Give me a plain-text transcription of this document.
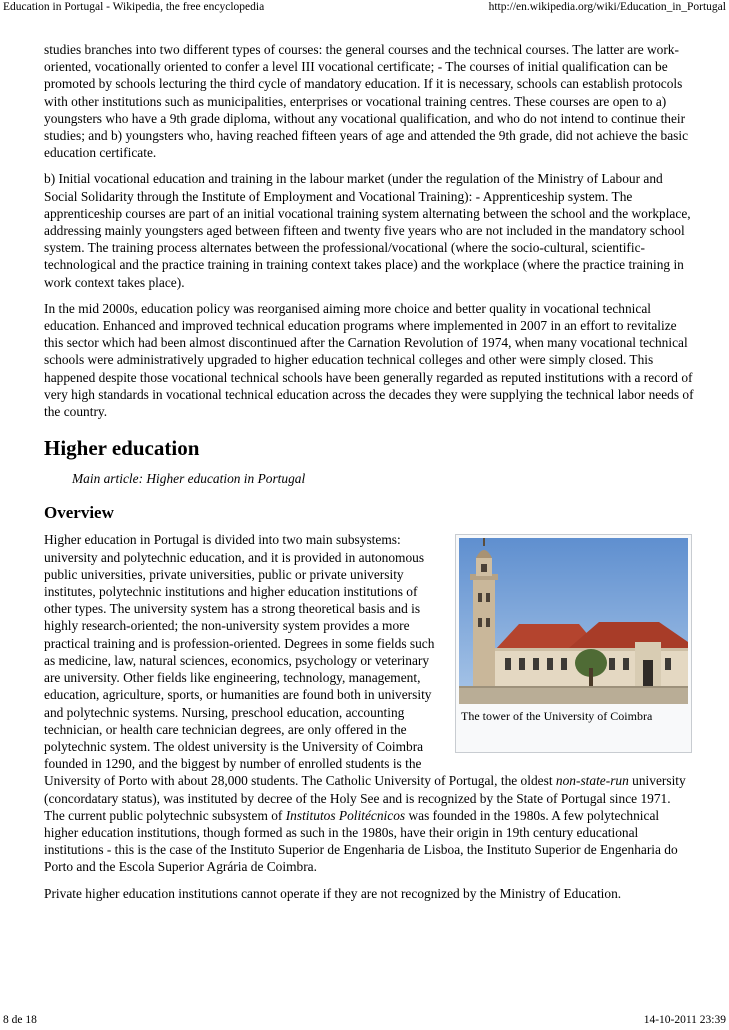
Education in Portugal - Wikipedia, the free encyclopedia	http://en.wikipedia.org/wiki/Education_in_Portugal

studies branches into two different types of courses: the general courses and the technical courses. The latter are work-oriented, vocationally oriented to confer a level III vocational certificate; - The courses of initial qualification can be promoted by schools lecturing the third cycle of mandatory education. If it is necessary, schools can establish protocols with other institutions such as municipalities, enterprises or vocational training centres. These courses are open to a) youngsters who have a 9th grade diploma, without any vocational qualification, and who do not intend to continue their studies; and b) youngsters who, having reached fifteen years of age and attended the 9th grade, did not achieve the basic education certificate.

b) Initial vocational education and training in the labour market (under the regulation of the Ministry of Labour and Social Solidarity through the Institute of Employment and Vocational Training): - Apprenticeship system. The apprenticeship courses are part of an initial vocational training system alternating between the school and the workplace, addressing mainly youngsters aged between fifteen and twenty five years who are not included in the mandatory school system. The training process alternates between the professional/vocational (where the socio-cultural, scientific-technological and the practice training in training context takes place) and the workplace (where the practice training in work context takes place).

In the mid 2000s, education policy was reorganised aiming more choice and better quality in vocational technical education. Enhanced and improved technical education programs where implemented in 2007 in an effort to revitalize this sector which had been almost discontinued after the Carnation Revolution of 1974, when many vocational technical schools were administratively upgraded to higher education technical colleges and other were simply closed. This happened despite those vocational technical schools have been generally regarded as reputed institutions with a record of very high standards in vocational technical education across the decades they were supplying the technical labor needs of the country.

Higher education
Main article: Higher education in Portugal
Overview

The tower of the University of Coimbra
Higher education in Portugal is divided into two main subsystems: university and polytechnic education, and it is provided in autonomous public universities, private universities, public or private university institutes, polytechnic institutions and higher education institutions of other types. The university system has a strong theoretical basis and is highly research-oriented; the non-university system provides a more practical training and is profession-oriented. Degrees in some fields such as medicine, law, natural sciences, economics, psychology or veterinary are university. Other fields like engineering, technology, management, education, agriculture, sports, or humanities are found both in university and polytechnic systems. Nursing, preschool education, accounting technician, or health care technician degrees, are only offered in the polytechnic system. The oldest university is the University of Coimbra founded in 1290, and the biggest by number of enrolled students is the University of Porto with about 28,000 students. The Catholic University of Portugal, the oldest non-state-run university (concordatary status), was instituted by decree of the Holy See and is recognized by the State of Portugal since 1971. The current public polytechnic subsystem of Institutos Politécnicos was founded in the 1980s. A few polytechnical higher education institutions, though formed as such in the 1980s, have their origin in 19th century educational institutions - this is the case of the Instituto Superior de Engenharia de Lisboa, the Instituto Superior de Engenharia do Porto and the Escola Superior Agrária de Coimbra.

Private higher education institutions cannot operate if they are not recognized by the Ministry of Education.

8 de 18	14-10-2011 23:39
